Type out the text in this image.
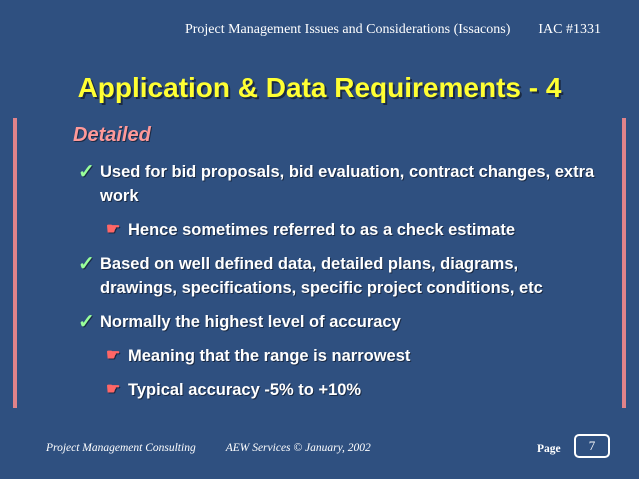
Project Management Issues and Considerations (Issacons) IAC #1331
Application & Data Requirements - 4
Detailed
✓ Used for bid proposals, bid evaluation, contract changes, extra work
☛ Hence sometimes referred to as a check estimate
✓ Based on well defined data, detailed plans, diagrams, drawings, specifications, specific project conditions, etc
✓ Normally the highest level of accuracy
☛ Meaning that the range is narrowest
☛ Typical accuracy -5% to +10%
Project Management Consulting	AEW Services © January, 2002	Page	7
